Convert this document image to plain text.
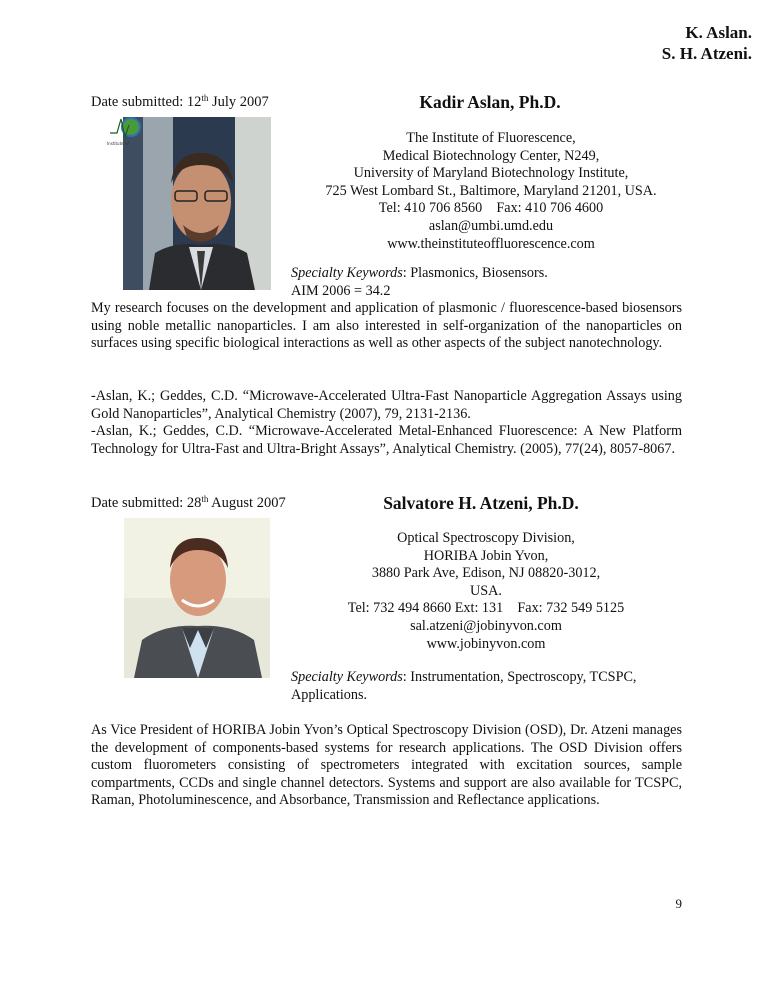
K. Aslan.
S. H. Atzeni.
Date submitted: 12th July 2007	Kadir Aslan, Ph.D.
Institute of	The Institute of Fluorescence,
Medical Biotechnology Center, N249,
University of Maryland Biotechnology Institute,
725 West Lombard St., Baltimore, Maryland 21201, USA.
Tel: 410 706 8560    Fax: 410 706 4600
aslan@umbi.umd.edu
www.theinstituteoffluorescence.com
Specialty Keywords: Plasmonics, Biosensors.
AIM 2006 = 34.2
My research focuses on the development and application of plasmonic / fluorescence-based biosensors using noble metallic nanoparticles. I am also interested in self-organization of the nanoparticles on surfaces using specific biological interactions as well as other aspects of the subject nanotechnology.
-Aslan, K.; Geddes, C.D. “Microwave-Accelerated Ultra-Fast Nanoparticle Aggregation Assays using Gold Nanoparticles”, Analytical Chemistry (2007), 79, 2131-2136.
-Aslan, K.; Geddes, C.D. “Microwave-Accelerated Metal-Enhanced Fluorescence: A New Platform Technology for Ultra-Fast and Ultra-Bright Assays”, Analytical Chemistry. (2005), 77(24), 8057-8067.
Date submitted: 28th August 2007	Salvatore H. Atzeni, Ph.D.
Optical Spectroscopy Division,
HORIBA Jobin Yvon,
3880 Park Ave, Edison, NJ 08820-3012,
USA.
Tel: 732 494 8660 Ext: 131    Fax: 732 549 5125
sal.atzeni@jobinyvon.com
www.jobinyvon.com
Specialty Keywords: Instrumentation, Spectroscopy, TCSPC,
Applications.
As Vice President of HORIBA Jobin Yvon’s Optical Spectroscopy Division (OSD), Dr. Atzeni manages the development of components-based systems for research applications. The OSD Division offers custom fluorometers consisting of spectrometers integrated with excitation sources, sample compartments, CCDs and single channel detectors. Systems and support are also available for TCSPC, Raman, Photoluminescence, and Absorbance, Transmission and Reflectance applications.
9
